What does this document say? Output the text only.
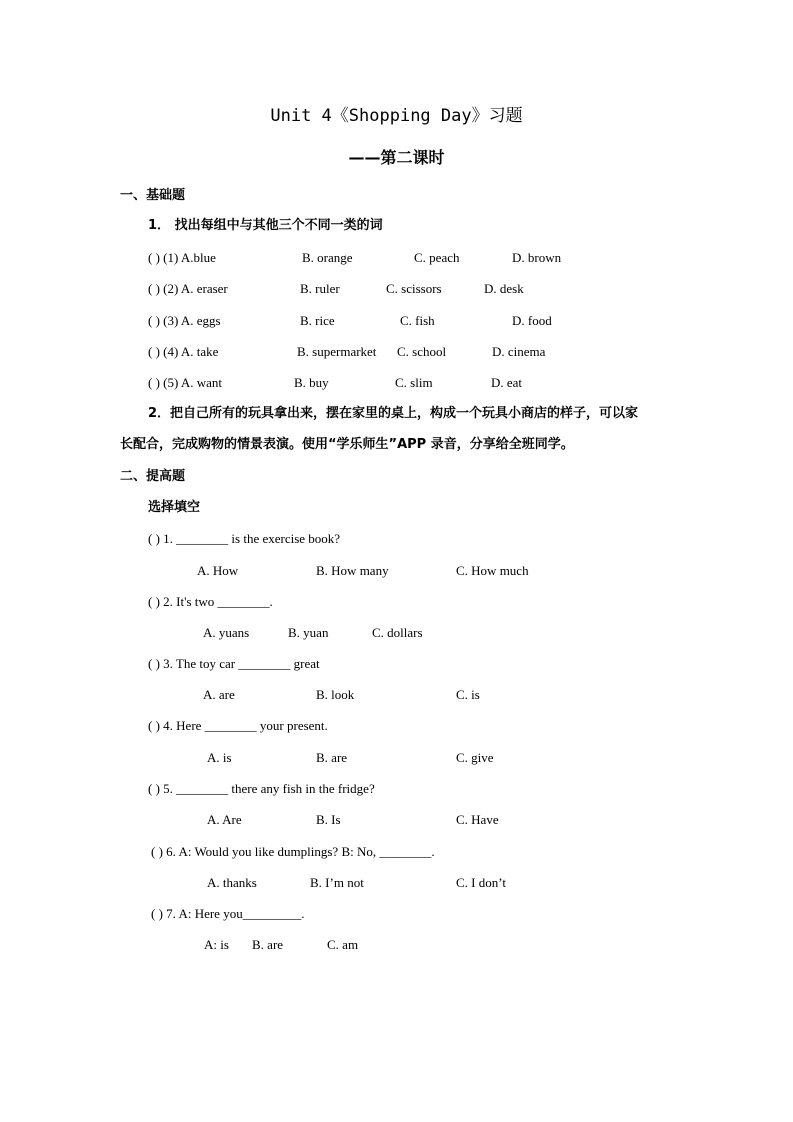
Unit 4《Shopping Day》习题
——第二课时
一、基础题
1． 找出每组中与其他三个不同一类的词
( ) (1) A.blue	B. orange	C. peach	D. brown
( ) (2) A. eraser	B. ruler	C. scissors	D. desk
( ) (3) A. eggs	B. rice	C. fish	D. food
( ) (4) A. take	B. supermarket C. school	D. cinema
( ) (5) A. want	B. buy	C. slim	D. eat
2．把自己所有的玩具拿出来，摆在家里的桌上，构成一个玩具小商店的样子，可以家
长配合，完成购物的情景表演。使用“学乐师生”APP 录音，分享给全班同学。
二、提高题
选择填空
( ) 1. ________ is the exercise book?
A. How	B. How many	C. How much
( ) 2. It's two ________.
A. yuans	B. yuan	C. dollars
( ) 3. The toy car ________ great
A. are	B. look	C. is
( ) 4. Here ________ your present.
A. is	B. are	C. give
( ) 5. ________ there any fish in the fridge?
A. Are	B. Is	C. Have
( ) 6. A: Would you like dumplings? B: No, ________.
A. thanks	B. I’m not	C. I don’t
( ) 7. A: Here you_________.
A: is B. are	C. am
